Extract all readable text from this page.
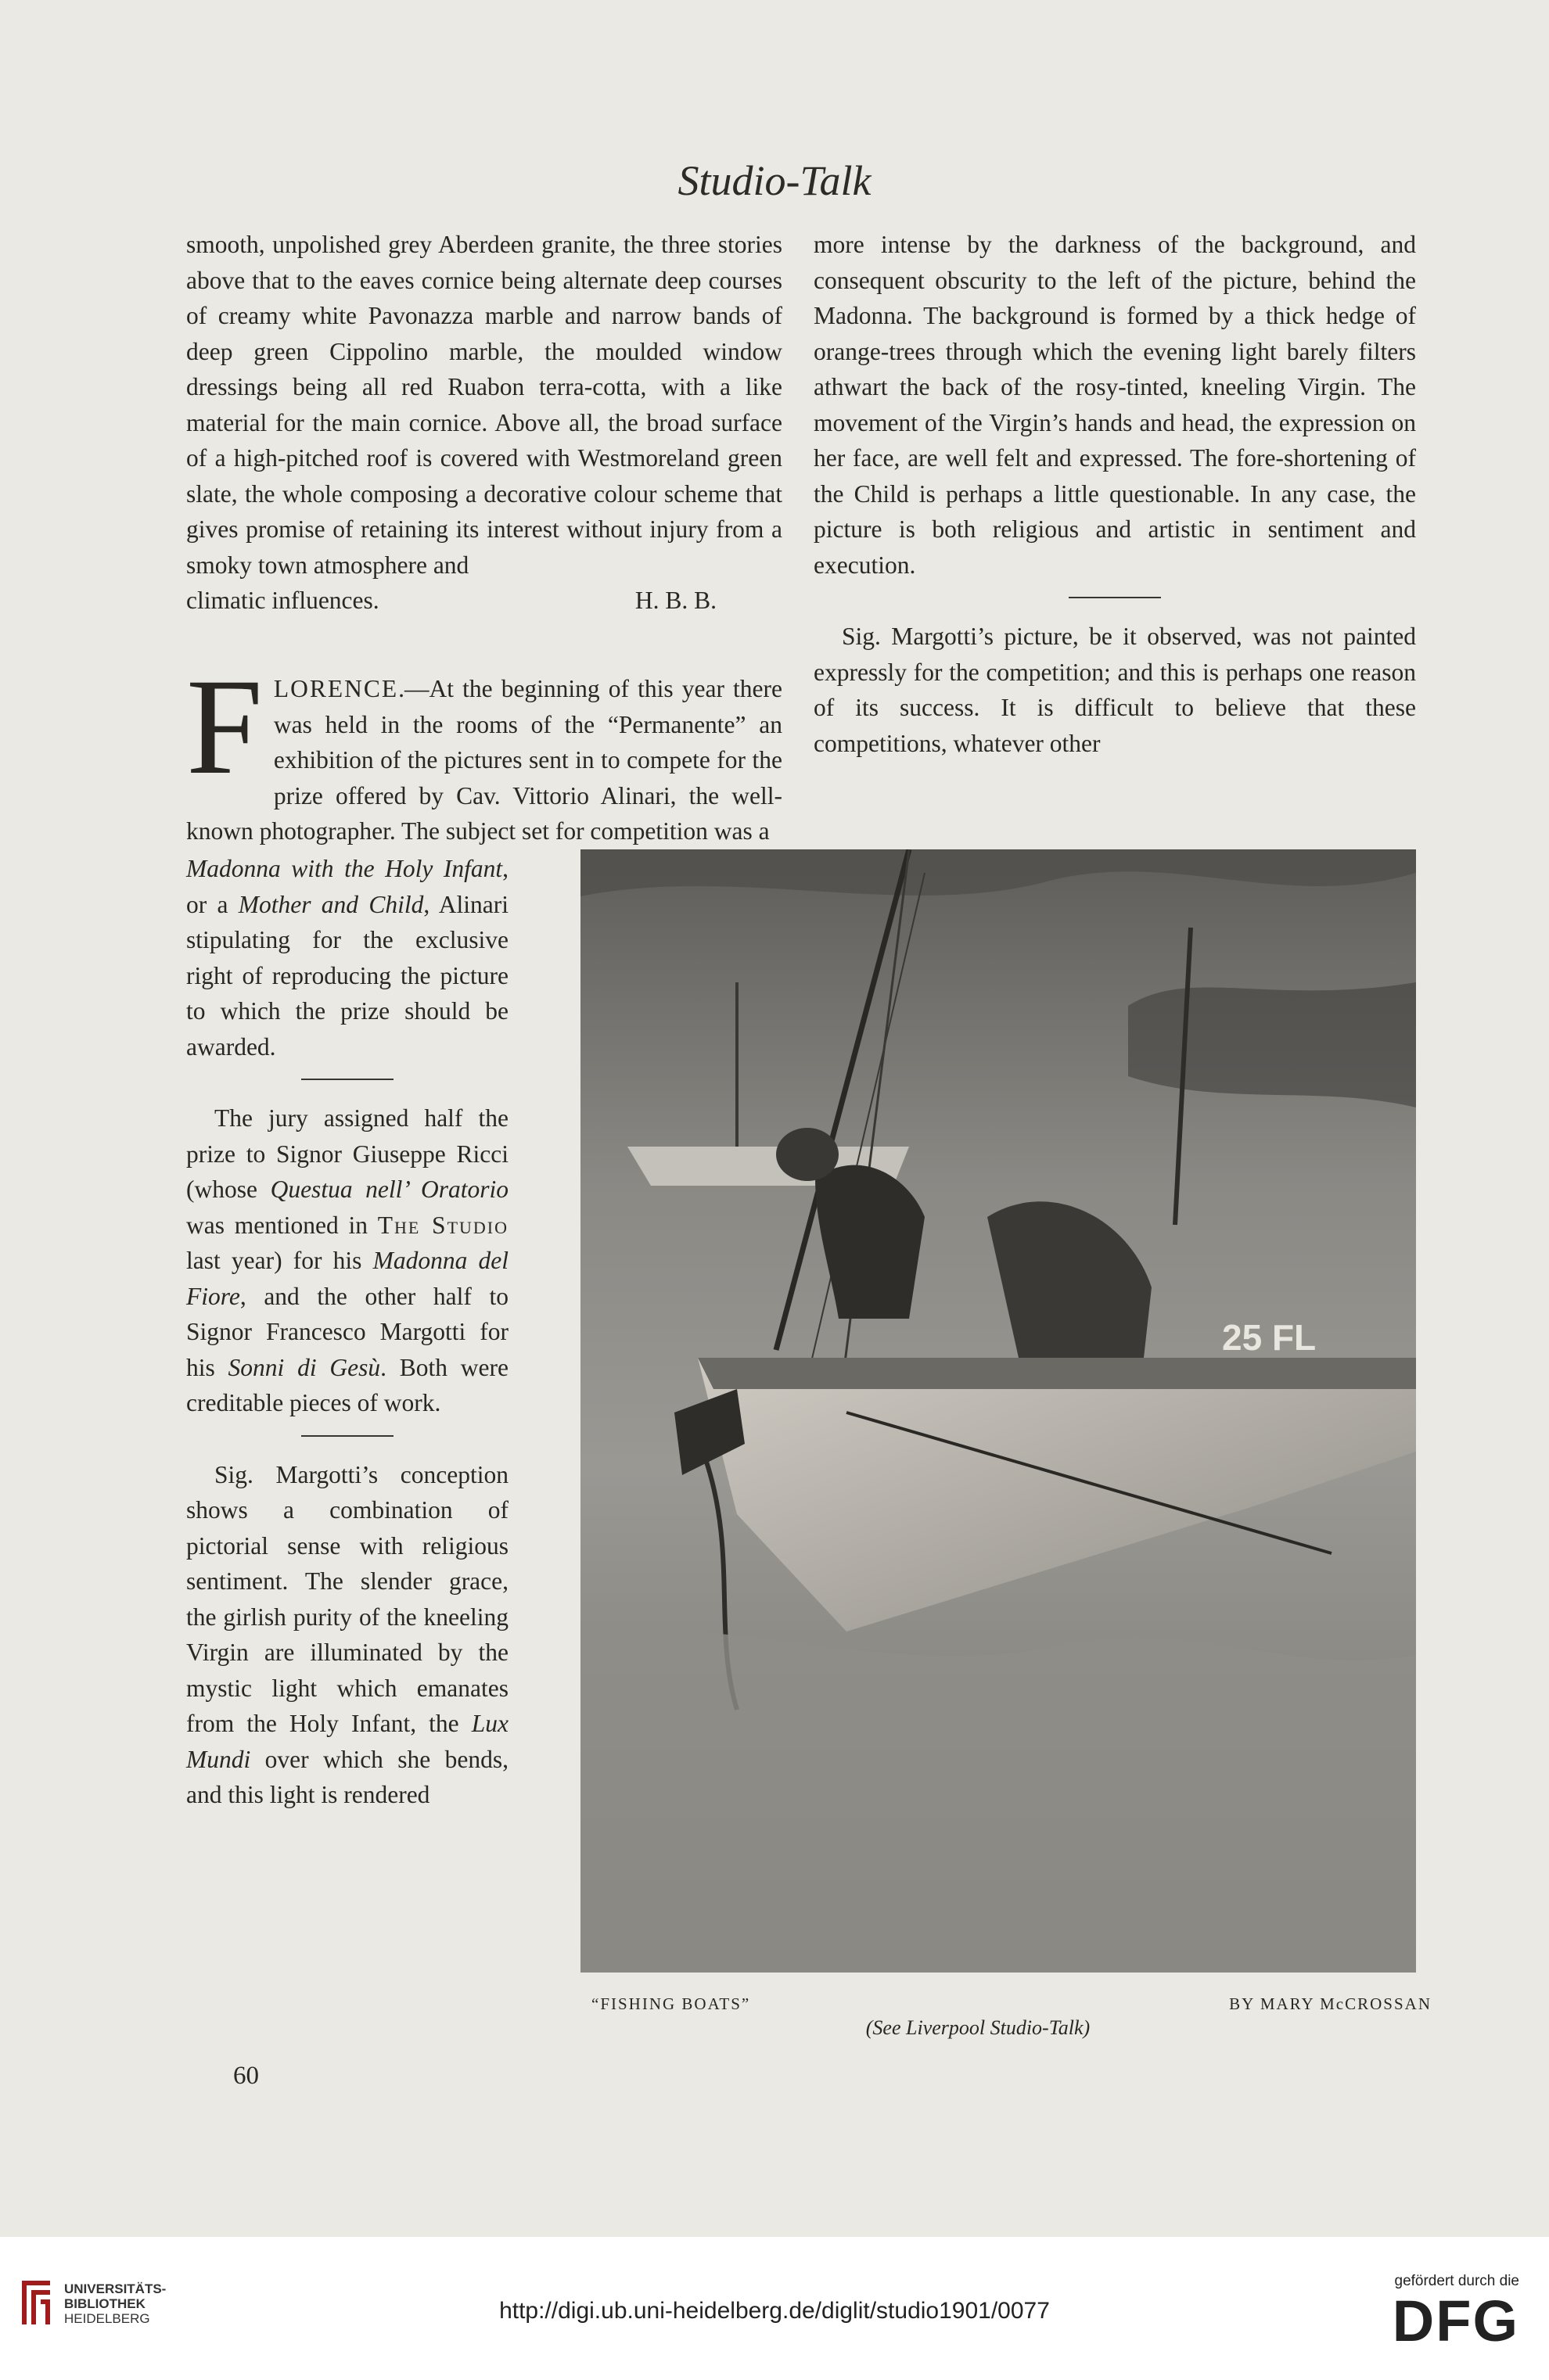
Studio-Talk

smooth, unpolished grey Aberdeen granite, the three stories above that to the eaves cornice being alternate deep courses of creamy white Pavonazza marble and narrow bands of deep green Cippolino marble, the moulded window dressings being all red Ruabon terra-cotta, with a like material for the main cornice. Above all, the broad surface of a high-pitched roof is covered with Westmoreland green slate, the whole composing a decorative colour scheme that gives promise of retaining its interest without injury from a smoky town atmosphere and

climatic influences.	H. B. B.

FLORENCE.—At the beginning of this year there was held in the rooms of the “Permanente” an exhibition of the pictures sent in to compete for the prize offered by Cav. Vittorio Alinari, the well-known photographer. The subject set for competition was a

Madonna with the Holy Infant, or a Mother and Child, Alinari stipulating for the exclusive right of reproducing the picture to which the prize should be awarded.

The jury assigned half the prize to Signor Giuseppe Ricci (whose Questua nell’ Oratorio was mentioned in The Studio last year) for his Madonna del Fiore, and the other half to Signor Francesco Margotti for his Sonni di Gesù. Both were creditable pieces of work.

Sig. Margotti’s conception shows a combination of pictorial sense with religious sentiment. The slender grace, the girlish purity of the kneeling Virgin are illuminated by the mystic light which emanates from the Holy Infant, the Lux Mundi over which she bends, and this light is rendered

more intense by the darkness of the background, and consequent obscurity to the left of the picture, behind the Madonna. The background is formed by a thick hedge of orange-trees through which the evening light barely filters athwart the back of the rosy-tinted, kneeling Virgin. The movement of the Virgin’s hands and head, the expression on her face, are well felt and expressed. The fore-shortening of the Child is perhaps a little questionable. In any case, the picture is both religious and artistic in sentiment and execution.

Sig. Margotti’s picture, be it observed, was not painted expressly for the competition; and this is perhaps one reason of its success. It is difficult to believe that these competitions, whatever other

25 FL
“FISHING BOATS”	BY MARY McCROSSAN
(See Liverpool Studio-Talk)
60
UNIVERSITÄTS-
BIBLIOTHEK
HEIDELBERG	http://digi.ub.uni-heidelberg.de/diglit/studio1901/0077
gefördert durch die
DFG
